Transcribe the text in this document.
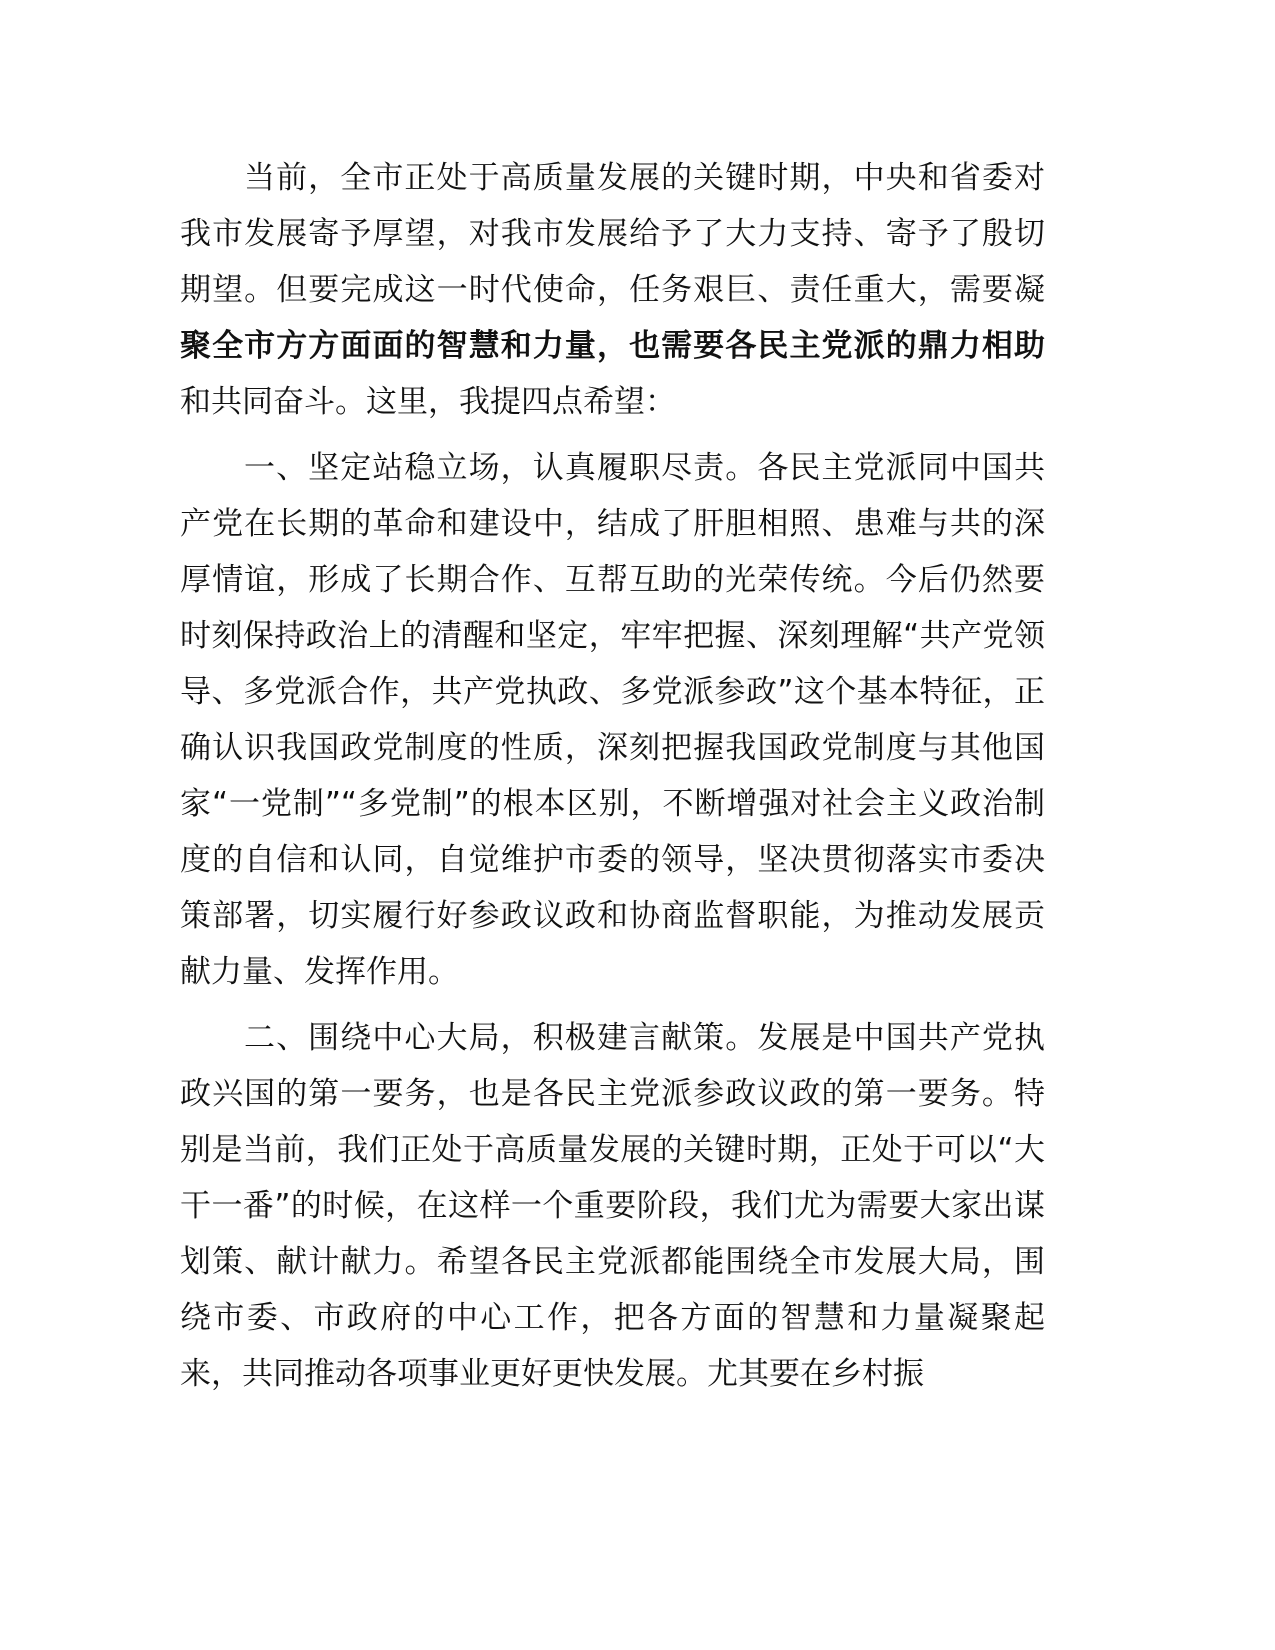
当前，全市正处于高质量发展的关键时期，中央和省委对我市发展寄予厚望，对我市发展给予了大力支持、寄予了殷切期望。但要完成这一时代使命，任务艰巨、责任重大，需要凝聚全市方方面面的智慧和力量，也需要各民主党派的鼎力相助和共同奋斗。这里，我提四点希望：

一、坚定站稳立场，认真履职尽责。各民主党派同中国共产党在长期的革命和建设中，结成了肝胆相照、患难与共的深厚情谊，形成了长期合作、互帮互助的光荣传统。今后仍然要时刻保持政治上的清醒和坚定，牢牢把握、深刻理解“共产党领导、多党派合作，共产党执政、多党派参政”这个基本特征，正确认识我国政党制度的性质，深刻把握我国政党制度与其他国家“一党制”“多党制”的根本区别，不断增强对社会主义政治制度的自信和认同，自觉维护市委的领导，坚决贯彻落实市委决策部署，切实履行好参政议政和协商监督职能，为推动发展贡献力量、发挥作用。

二、围绕中心大局，积极建言献策。发展是中国共产党执政兴国的第一要务，也是各民主党派参政议政的第一要务。特别是当前，我们正处于高质量发展的关键时期，正处于可以“大干一番”的时候，在这样一个重要阶段，我们尤为需要大家出谋划策、献计献力。希望各民主党派都能围绕全市发展大局，围绕市委、市政府的中心工作，把各方面的智慧和力量凝聚起来，共同推动各项事业更好更快发展。尤其要在乡村振
